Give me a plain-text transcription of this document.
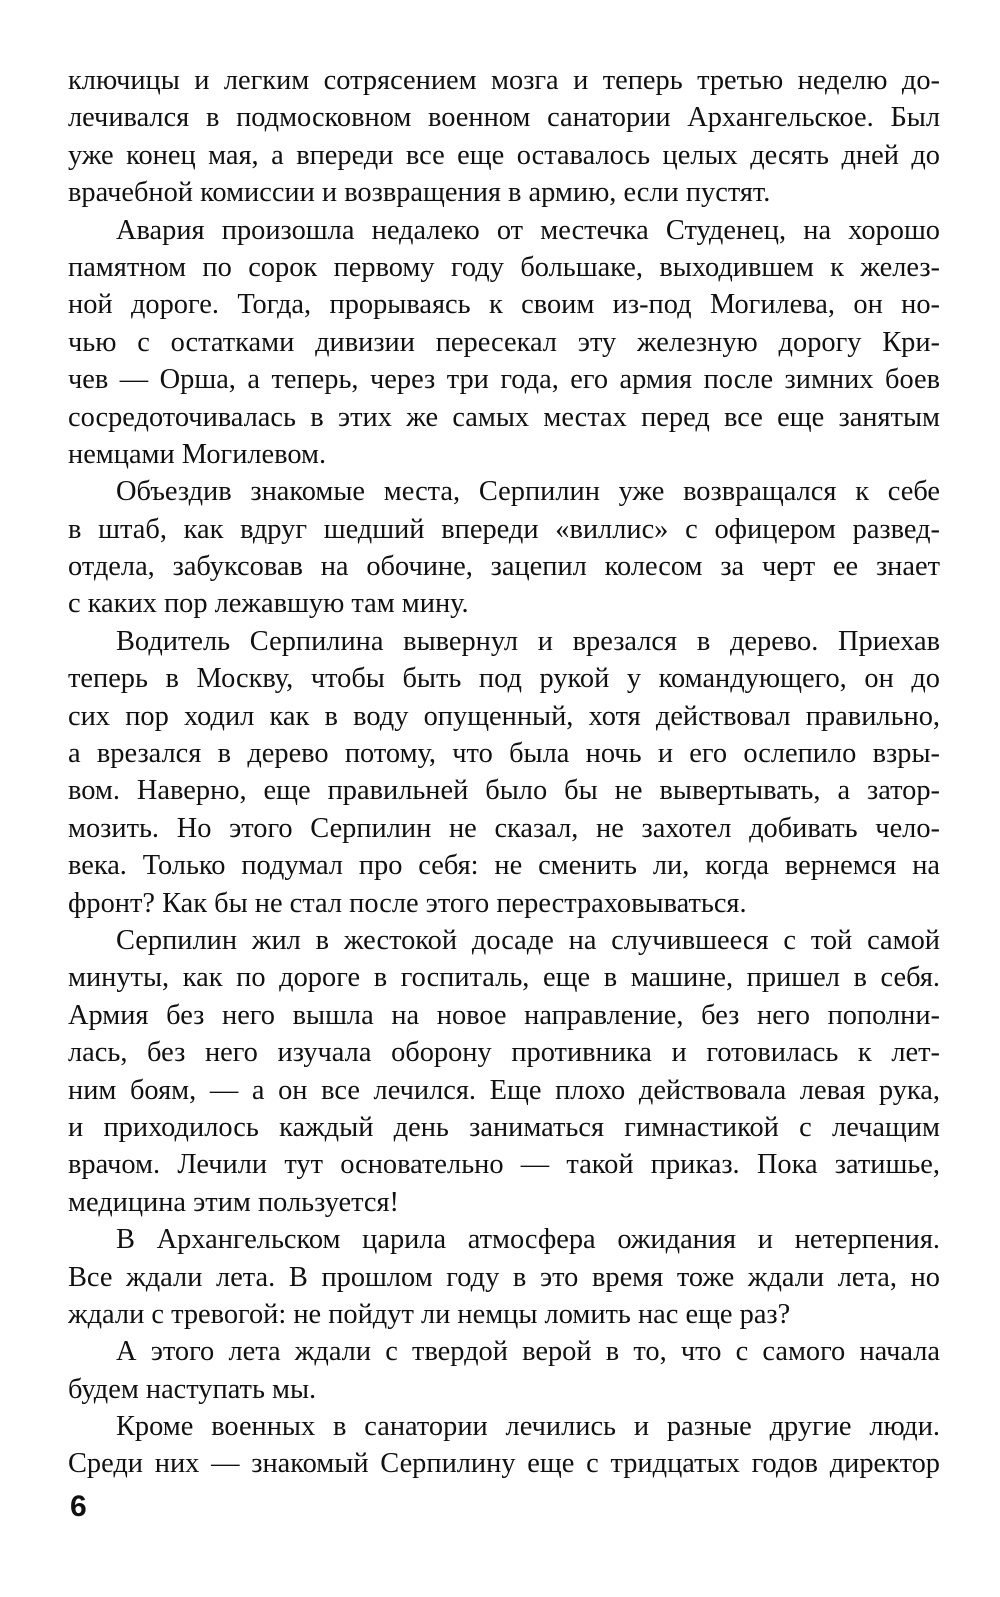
ключицы и легким сотрясением мозга и теперь третью неделю до-
лечивался в подмосковном военном санатории Архангельское. Был
уже конец мая, а впереди все еще оставалось целых десять дней до
врачебной комиссии и возвращения в армию, если пустят.
Авария произошла недалеко от местечка Студенец, на хорошо
памятном по сорок первому году большаке, выходившем к желез-
ной дороге. Тогда, прорываясь к своим из-под Могилева, он но-
чью с остатками дивизии пересекал эту железную дорогу Кри-
чев — Орша, а теперь, через три года, его армия после зимних боев
сосредоточивалась в этих же самых местах перед все еще занятым
немцами Могилевом.
Объездив знакомые места, Серпилин уже возвращался к себе
в штаб, как вдруг шедший впереди «виллис» с офицером развед-
отдела, забуксовав на обочине, зацепил колесом за черт ее знает
с каких пор лежавшую там мину.
Водитель Серпилина вывернул и врезался в дерево. Приехав
теперь в Москву, чтобы быть под рукой у командующего, он до
сих пор ходил как в воду опущенный, хотя действовал правильно,
а врезался в дерево потому, что была ночь и его ослепило взры-
вом. Наверно, еще правильней было бы не вывертывать, а затор-
мозить. Но этого Серпилин не сказал, не захотел добивать чело-
века. Только подумал про себя: не сменить ли, когда вернемся на
фронт? Как бы не стал после этого перестраховываться.
Серпилин жил в жестокой досаде на случившееся с той самой
минуты, как по дороге в госпиталь, еще в машине, пришел в себя.
Армия без него вышла на новое направление, без него пополни-
лась, без него изучала оборону противника и готовилась к лет-
ним боям, — а он все лечился. Еще плохо действовала левая рука,
и приходилось каждый день заниматься гимнастикой с лечащим
врачом. Лечили тут основательно — такой приказ. Пока затишье,
медицина этим пользуется!
В Архангельском царила атмосфера ожидания и нетерпения.
Все ждали лета. В прошлом году в это время тоже ждали лета, но
ждали с тревогой: не пойдут ли немцы ломить нас еще раз?
А этого лета ждали с твердой верой в то, что с самого начала
будем наступать мы.
Кроме военных в санатории лечились и разные другие люди.
Среди них — знакомый Серпилину еще с тридцатых годов директор
6
